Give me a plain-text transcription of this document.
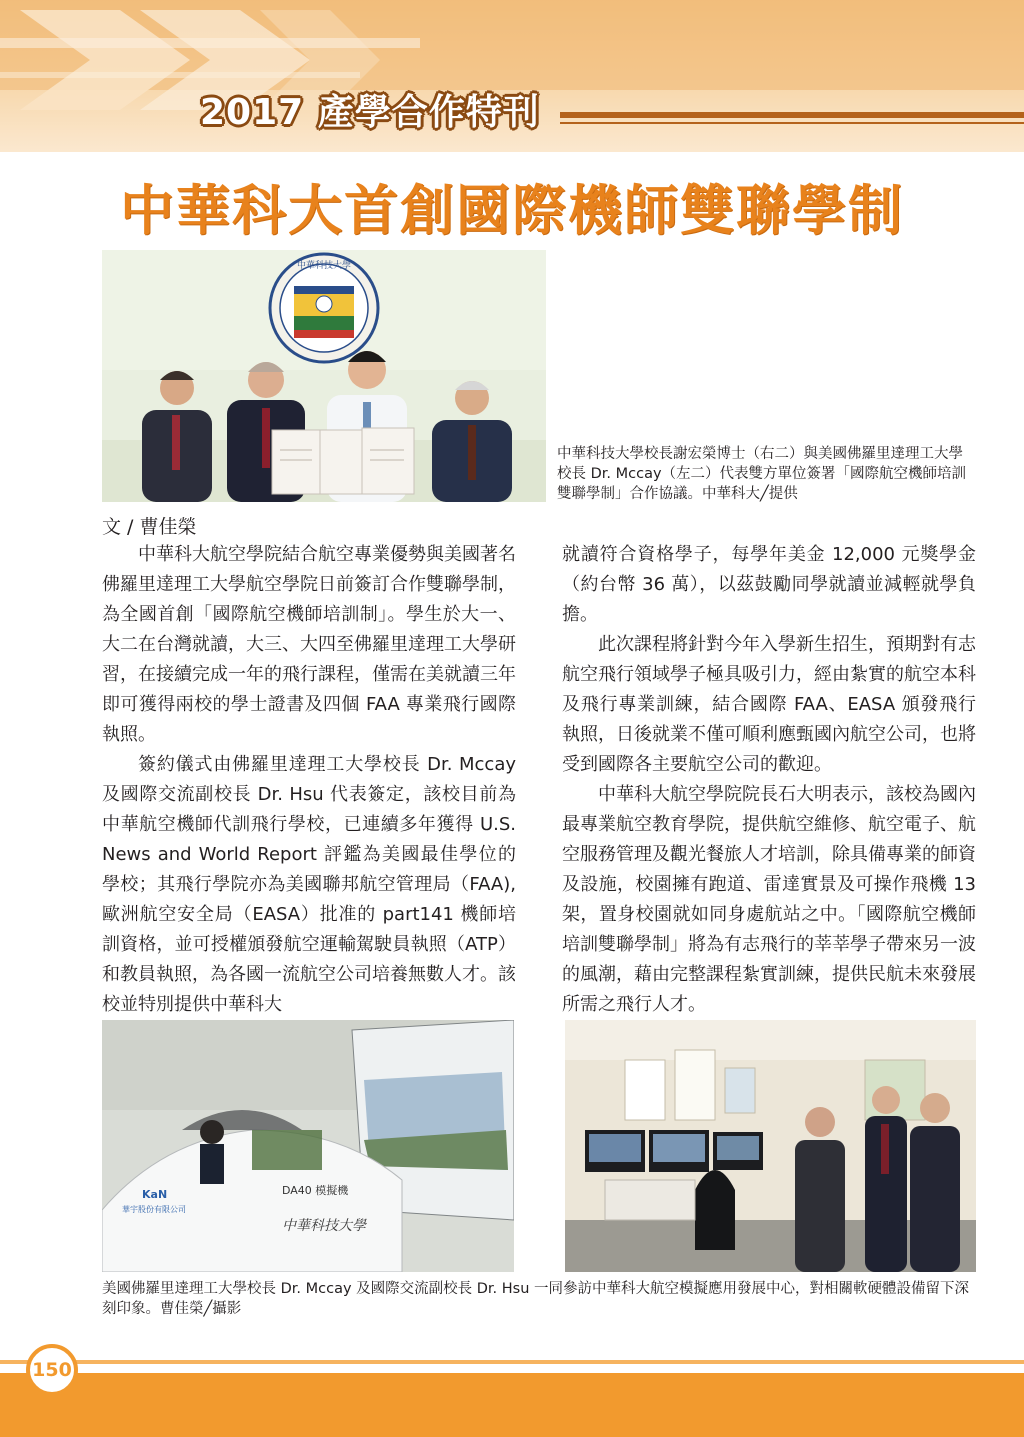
2017 產學合作特刊
中華科大首創國際機師雙聯學制
中華科技大學
中華科技大學校長謝宏榮博士（右二）與美國佛羅里達理工大學校長 Dr. Mccay（左二）代表雙方單位簽署「國際航空機師培訓雙聯學制」合作協議。中華科大╱提供
文 / 曹佳榮

中華科大航空學院結合航空專業優勢與美國著名佛羅里達理工大學航空學院日前簽訂合作雙聯學制，為全國首創「國際航空機師培訓制」。學生於大一、大二在台灣就讀，大三、大四至佛羅里達理工大學研習，在接續完成一年的飛行課程，僅需在美就讀三年即可獲得兩校的學士證書及四個 FAA 專業飛行國際執照。

簽約儀式由佛羅里達理工大學校長 Dr. Mccay 及國際交流副校長 Dr. Hsu 代表簽定，該校目前為中華航空機師代訓飛行學校，已連續多年獲得 U.S. News and World Report 評鑑為美國最佳學位的學校；其飛行學院亦為美國聯邦航空管理局（FAA), 歐洲航空安全局（EASA）批准的 part141 機師培訓資格，並可授權頒發航空運輸駕駛員執照（ATP）和教員執照，為各國一流航空公司培養無數人才。該校並特別提供中華科大

就讀符合資格學子，每學年美金 12,000 元獎學金（約台幣 36 萬），以茲鼓勵同學就讀並減輕就學負擔。

此次課程將針對今年入學新生招生，預期對有志航空飛行領域學子極具吸引力，經由紮實的航空本科及飛行專業訓練，結合國際 FAA、EASA 頒發飛行執照，日後就業不僅可順利應甄國內航空公司，也將受到國際各主要航空公司的歡迎。

中華科大航空學院院長石大明表示，該校為國內最專業航空教育學院，提供航空維修、航空電子、航空服務管理及觀光餐旅人才培訓，除具備專業的師資及設施，校園擁有跑道、雷達實景及可操作飛機 13 架，置身校園就如同身處航站之中。「國際航空機師培訓雙聯學制」將為有志飛行的莘莘學子帶來另一波的風潮，藉由完整課程紮實訓練，提供民航未來發展所需之飛行人才。

DA40 模擬機
KaN
華宇股份有限公司
中華科技大學
美國佛羅里達理工大學校長 Dr. Mccay 及國際交流副校長 Dr. Hsu 一同參訪中華科大航空模擬應用發展中心，對相關軟硬體設備留下深刻印象。曹佳榮╱攝影
150
